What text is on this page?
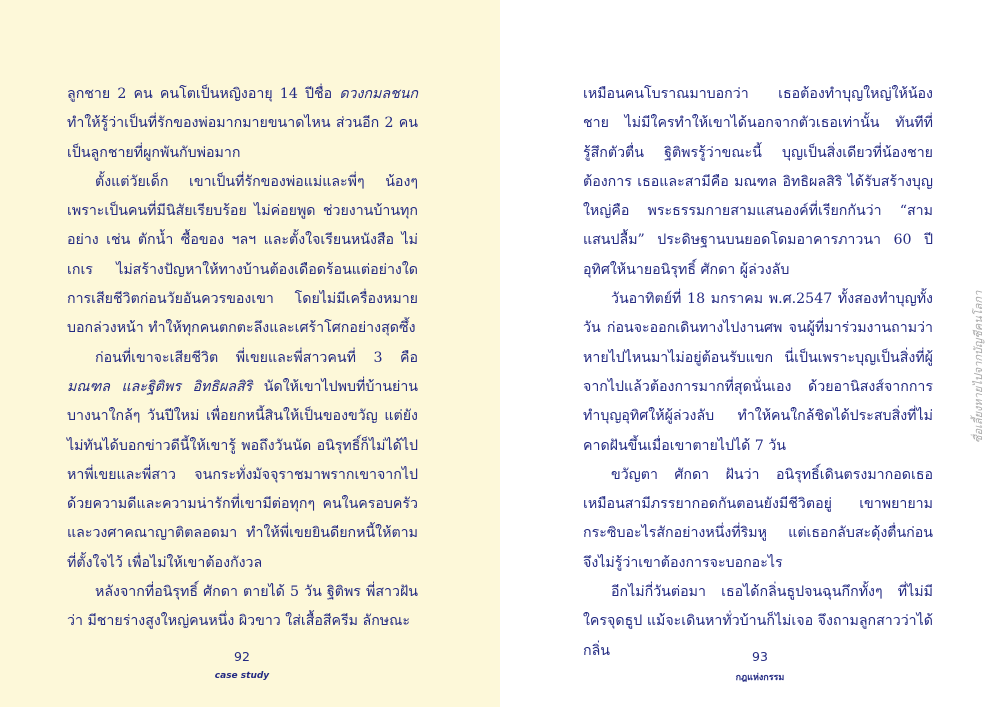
ลูกชาย 2 คน คนโตเป็นหญิงอายุ 14 ปีชื่อ ดวงกมลชนก ทำให้รู้ว่าเป็นที่รักของพ่อมากมายขนาดไหน ส่วนอีก 2 คน เป็นลูกชายที่ผูกพันกับพ่อมาก

ตั้งแต่วัยเด็ก เขาเป็นที่รักของพ่อแม่และพี่ๆ น้องๆ เพราะเป็นคนที่มีนิสัยเรียบร้อย ไม่ค่อยพูด ช่วยงานบ้านทุกอย่าง เช่น ตักน้ำ ซื้อของ ฯลฯ และตั้งใจเรียนหนังสือ ไม่เกเร ไม่สร้างปัญหาให้ทางบ้านต้องเดือดร้อนแต่อย่างใด การเสียชีวิตก่อนวัยอันควรของเขา โดยไม่มีเครื่องหมายบอกล่วงหน้า ทำให้ทุกคนตกตะลึงและเศร้าโศกอย่างสุดซึ้ง

ก่อนที่เขาจะเสียชีวิต พี่เขยและพี่สาวคนที่ 3 คือมณฑล และฐิติพร อิทธิผลสิริ นัดให้เขาไปพบที่บ้านย่านบางนาใกล้ๆ วันปีใหม่ เพื่อยกหนี้สินให้เป็นของขวัญ แต่ยังไม่ทันได้บอกข่าวดีนี้ให้เขารู้ พอถึงวันนัด อนิรุทธิ์ก็ไม่ได้ไปหาพี่เขยและพี่สาว จนกระทั่งมัจจุราชมาพรากเขาจากไป ด้วยความดีและความน่ารักที่เขามีต่อทุกๆ คนในครอบครัวและวงศาคณาญาติตลอดมา ทำให้พี่เขยยินดียกหนี้ให้ตามที่ตั้งใจไว้ เพื่อไม่ให้เขาต้องกังวล

หลังจากที่อนิรุทธิ์ ศักดา ตายได้ 5 วัน ฐิติพร พี่สาวฝันว่า มีชายร่างสูงใหญ่คนหนึ่ง ผิวขาว ใส่เสื้อสีครีม ลักษณะ

92
case study

เหมือนคนโบราณมาบอกว่า เธอต้องทำบุญใหญ่ให้น้องชาย ไม่มีใครทำให้เขาได้นอกจากตัวเธอเท่านั้น ทันทีที่รู้สึกตัวตื่น ฐิติพรรู้ว่าขณะนี้ บุญเป็นสิ่งเดียวที่น้องชายต้องการ เธอและสามีคือ มณฑล อิทธิผลสิริ ได้รับสร้างบุญใหญ่คือ พระธรรมกายสามแสนองค์ที่เรียกกันว่า “สามแสนปลื้ม” ประดิษฐานบนยอดโดมอาคารภาวนา 60 ปีอุทิศให้นายอนิรุทธิ์ ศักดา ผู้ล่วงลับ

วันอาทิตย์ที่ 18 มกราคม พ.ศ.2547 ทั้งสองทำบุญทั้งวัน ก่อนจะออกเดินทางไปงานศพ จนผู้ที่มาร่วมงานถามว่าหายไปไหนมาไม่อยู่ต้อนรับแขก นี่เป็นเพราะบุญเป็นสิ่งที่ผู้จากไปแล้วต้องการมากที่สุดนั่นเอง ด้วยอานิสงส์จากการทำบุญอุทิศให้ผู้ล่วงลับ ทำให้คนใกล้ชิดได้ประสบสิ่งที่ไม่คาดฝันขึ้นเมื่อเขาตายไปได้ 7 วัน

ขวัญตา ศักดา ฝันว่า อนิรุทธิ์เดินตรงมากอดเธอเหมือนสามีภรรยากอดกันตอนยังมีชีวิตอยู่ เขาพยายามกระซิบอะไรสักอย่างหนึ่งที่ริมหู แต่เธอกลับสะดุ้งตื่นก่อน จึงไม่รู้ว่าเขาต้องการจะบอกอะไร

อีกไม่กี่วันต่อมา เธอได้กลิ่นธูปจนฉุนกึกทั้งๆ ที่ไม่มีใครจุดธูป แม้จะเดินหาทั่วบ้านก็ไม่เจอ จึงถามลูกสาวว่าได้กลิ่น	93
กฎแห่งกรรม
ซื่อเลี้ยงหายไปจากบัญชีคนโลกา
